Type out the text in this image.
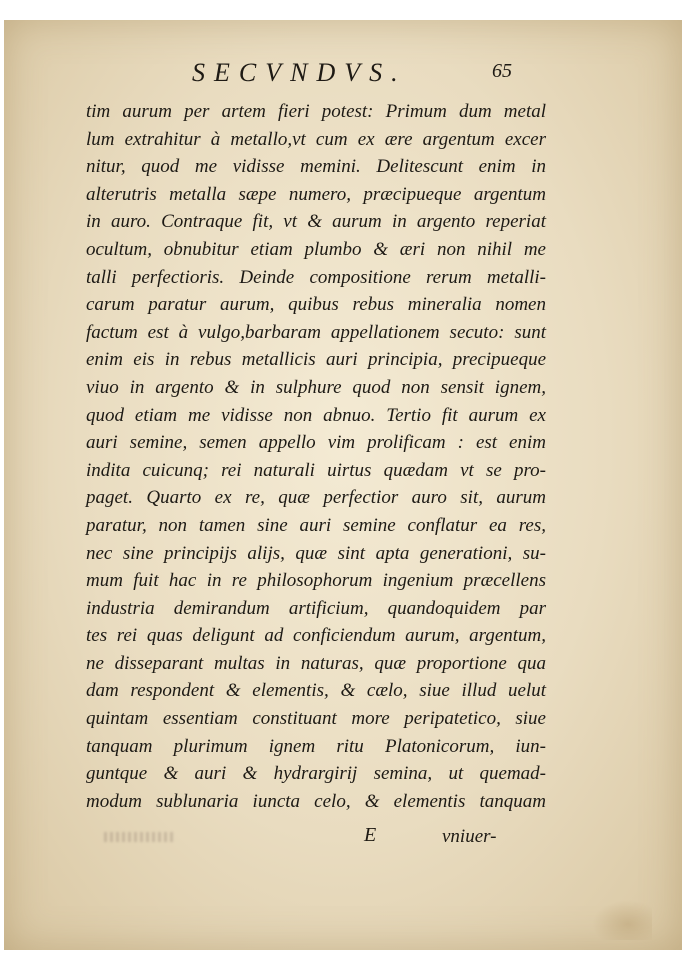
SECVNDVS.	65
tim aurum per artem fieri potest: Primum dum metal
lum extrahitur à metallo,vt cum ex ære argentum excer
nitur, quod me vidisse memini. Delitescunt enim in
alterutris metalla sæpe numero, præcipueque argentum
in auro. Contraque fit, vt & aurum in argento reperiat
ocultum, obnubitur etiam plumbo & æri non nihil me
talli perfectioris. Deinde compositione rerum metalli-
carum paratur aurum, quibus rebus mineralia nomen
factum est à vulgo,barbaram appellationem secuto: sunt
enim eis in rebus metallicis auri principia, precipueque
viuo in argento & in sulphure quod non sensit ignem,
quod etiam me vidisse non abnuo. Tertio fit aurum ex
auri semine, semen appello vim prolificam : est enim
indita cuicunq; rei naturali uirtus quædam vt se pro-
paget. Quarto ex re, quæ perfectior auro sit, aurum
paratur, non tamen sine auri semine conflatur ea res,
nec sine principijs alijs, quæ sint apta generationi, su-
mum fuit hac in re philosophorum ingenium præcellens
industria demirandum artificium, quandoquidem par
tes rei quas deligunt ad conficiendum aurum, argentum,
ne disseparant multas in naturas, quæ proportione qua
dam respondent & elementis, & cælo, siue illud uelut
quintam essentiam constituant more peripatetico, siue
tanquam plurimum ignem ritu Platonicorum, iun-
guntque & auri & hydrargirij semina, ut quemad-
modum sublunaria iuncta celo, & elementis tanquam
E	vniuer-
